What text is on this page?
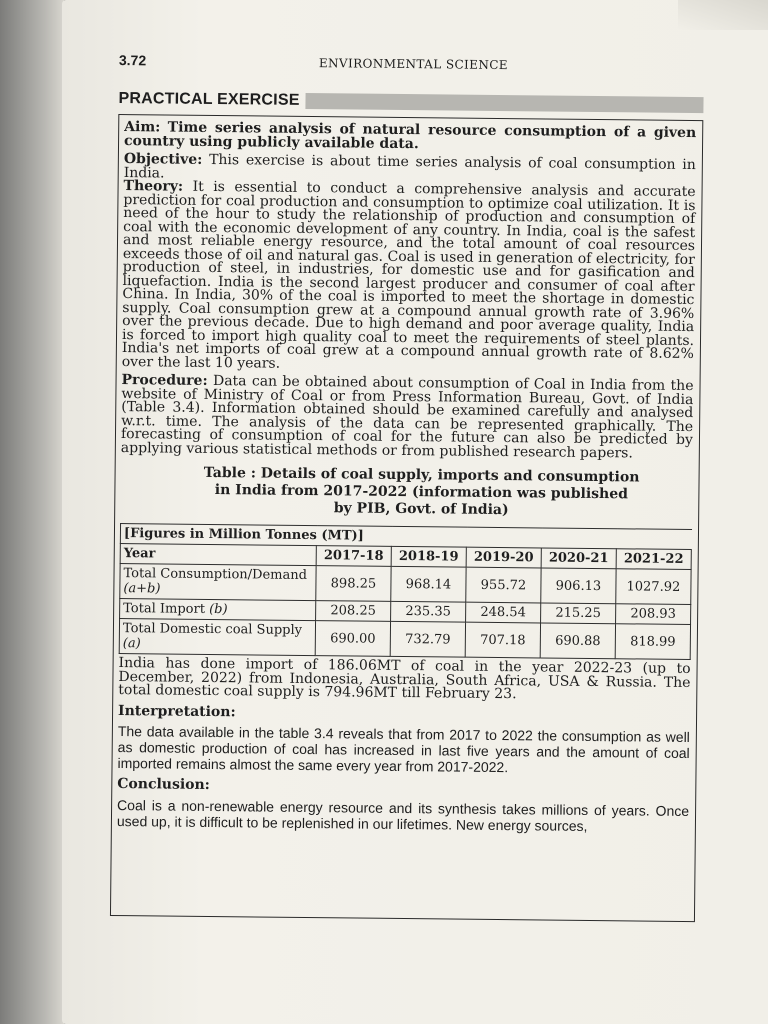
3.72	ENVIRONMENTAL SCIENCE
PRACTICAL EXERCISE

Aim: Time series analysis of natural resource consumption of a given country using publicly available data.

Objective: This exercise is about time series analysis of coal consumption in India.

Theory: It is essential to conduct a comprehensive analysis and accurate prediction for coal production and consumption to optimize coal utilization. It is need of the hour to study the relationship of production and consumption of coal with the economic development of any country. In India, coal is the safest and most reliable energy resource, and the total amount of coal resources exceeds those of oil and natural gas. Coal is used in generation of electricity, for production of steel, in industries, for domestic use and for gasification and liquefaction. India is the second largest producer and consumer of coal after China. In India, 30% of the coal is imported to meet the shortage in domestic supply. Coal consumption grew at a compound annual growth rate of 3.96% over the previous decade. Due to high demand and poor average quality, India is forced to import high quality coal to meet the requirements of steel plants. India's net imports of coal grew at a compound annual growth rate of 8.62% over the last 10 years.

Procedure: Data can be obtained about consumption of Coal in India from the website of Ministry of Coal or from Press Information Bureau, Govt. of India (Table 3.4). Information obtained should be examined carefully and analysed w.r.t. time. The analysis of the data can be represented graphically. The forecasting of consumption of coal for the future can also be predicted by applying various statistical methods or from published research papers.

Table : Details of coal supply, imports and consumption
in India from 2017-2022 (information was published
by PIB, Govt. of India)
[Figures in Million Tonnes (MT)]					
Year	2017-18	2018-19	2019-20	2020-21	2021-22
Total Consumption/Demand
(a+b)	898.25	968.14	955.72	906.13	1027.92
Total Import (b)	208.25	235.35	248.54	215.25	208.93
Total Domestic coal Supply (a)	690.00	732.79	707.18	690.88	818.99

India has done import of 186.06MT of coal in the year 2022-23 (up to December, 2022) from Indonesia, Australia, South Africa, USA & Russia. The total domestic coal supply is 794.96MT till February 23.

Interpretation:

The data available in the table 3.4 reveals that from 2017 to 2022 the consumption as well as domestic production of coal has increased in last five years and the amount of coal imported remains almost the same every year from 2017-2022.

Conclusion:

Coal is a non-renewable energy resource and its synthesis takes millions of years. Once used up, it is difficult to be replenished in our lifetimes. New energy sources,
